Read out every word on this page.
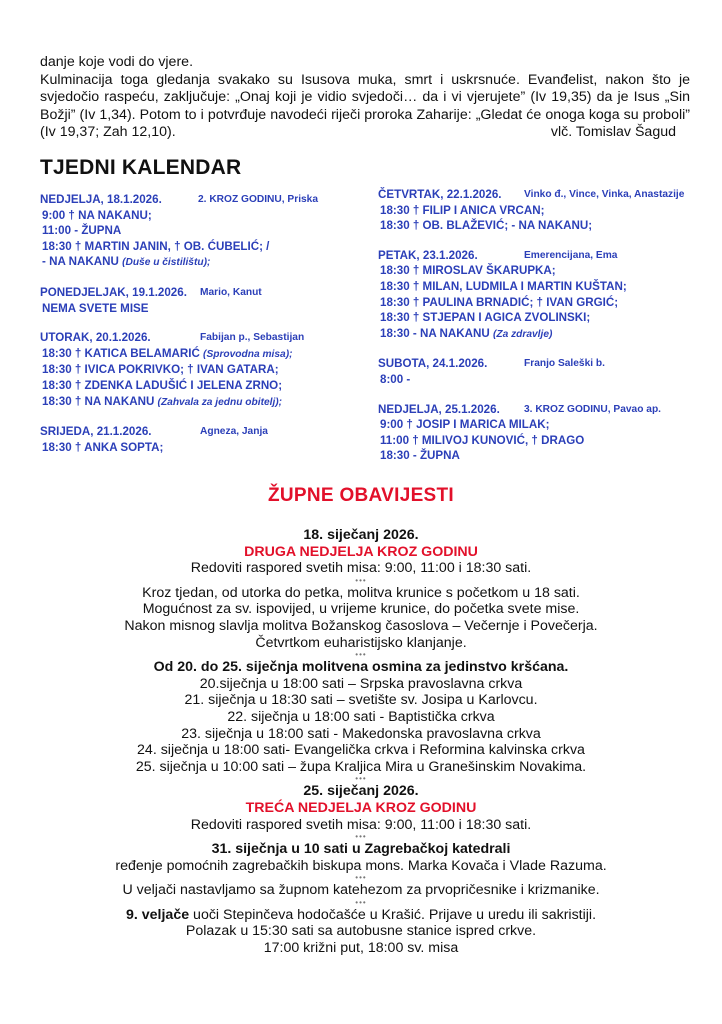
danje koje vodi do vjere.

Kulminacija toga gledanja svakako su Isusova muka, smrt i uskrsnuće. Evanđelist, nakon što je svjedočio raspeću, zaključuje: „Onaj koji je vidio svjedoči… da i vi vjerujete” (Iv 19,35) da je Isus „Sin Božji” (Iv 1,34). Potom to i potvrđuje navodeći riječi proroka Zaharije: „Gledat će onoga koga su proboli” (Iv 19,37; Zah 12,10).	vlč. Tomislav Šagud
TJEDNI KALENDAR
NEDJELJA, 18.1.2026.	2. KROZ GODINU, Priska
9:00 † NA NAKANU;
11:00 - ŽUPNA
18:30 † MARTIN JANIN, † OB. ĆUBELIĆ; /
- NA NAKANU (Duše u čistilištu);
PONEDJELJAK, 19.1.2026. Mario, Kanut
NEMA SVETE MISE
UTORAK, 20.1.2026.	Fabijan p., Sebastijan
18:30 † KATICA BELAMARIĆ (Sprovodna misa);
18:30 † IVICA POKRIVKO; † IVAN GATARA;
18:30 † ZDENKA LADUŠIĆ I JELENA ZRNO;
18:30 † NA NAKANU (Zahvala za jednu obitelj);
SRIJEDA, 21.1.2026.	Agneza, Janja
18:30 † ANKA SOPTA;
ČETVRTAK, 22.1.2026. Vinko đ., Vince, Vinka, Anastazije
18:30 † FILIP I ANICA VRCAN;
18:30 † OB. BLAŽEVIĆ; - NA NAKANU;
PETAK, 23.1.2026.	Emerencijana, Ema
18:30 † MIROSLAV ŠKARUPKA;
18:30 † MILAN, LUDMILA I MARTIN KUŠTAN;
18:30 † PAULINA BRNADIĆ; † IVAN GRGIĆ;
18:30 † STJEPAN I AGICA ZVOLINSKI;
18:30 - NA NAKANU (Za zdravlje)
SUBOTA, 24.1.2026.	Franjo Saleški b.
8:00 -
NEDJELJA, 25.1.2026. 3. KROZ GODINU, Pavao ap.
9:00 † JOSIP I MARICA MILAK;
11:00 † MILIVOJ KUNOVIĆ, † DRAGO
18:30 - ŽUPNA
ŽUPNE OBAVIJESTI
18. siječanj 2026.
DRUGA NEDJELJA KROZ GODINU
Redoviti raspored svetih misa: 9:00, 11:00 i 18:30 sati.
•••
Kroz tjedan, od utorka do petka, molitva krunice s početkom u 18 sati.
Mogućnost za sv. ispovijed, u vrijeme krunice, do početka svete mise.
Nakon misnog slavlja molitva Božanskog časoslova – Večernje i Povečerja.
Četvrtkom euharistijsko klanjanje.
•••
Od 20. do 25. siječnja molitvena osmina za jedinstvo kršćana.
20.siječnja u 18:00 sati – Srpska pravoslavna crkva
21. siječnja u 18:30 sati – svetište sv. Josipa u Karlovcu.
22. siječnja u 18:00 sati - Baptistička crkva
23. siječnja u 18:00 sati - Makedonska pravoslavna crkva
24. siječnja u 18:00 sati- Evangelička crkva i Reformina kalvinska crkva
25. siječnja u 10:00 sati – župa Kraljica Mira u Granešinskim Novakima.
•••
25. siječanj 2026.
TREĆA NEDJELJA KROZ GODINU
Redoviti raspored svetih misa: 9:00, 11:00 i 18:30 sati.
•••
31. siječnja u 10 sati u Zagrebačkoj katedrali
ređenje pomoćnih zagrebačkih biskupa mons. Marka Kovača i Vlade Razuma.
•••
U veljači nastavljamo sa župnom katehezom za prvopričesnike i krizmanike.
•••
9. veljače uoči Stepinčeva hodočašće u Krašić. Prijave u uredu ili sakristiji.
Polazak u 15:30 sati sa autobusne stanice ispred crkve.
17:00 križni put, 18:00 sv. misa
